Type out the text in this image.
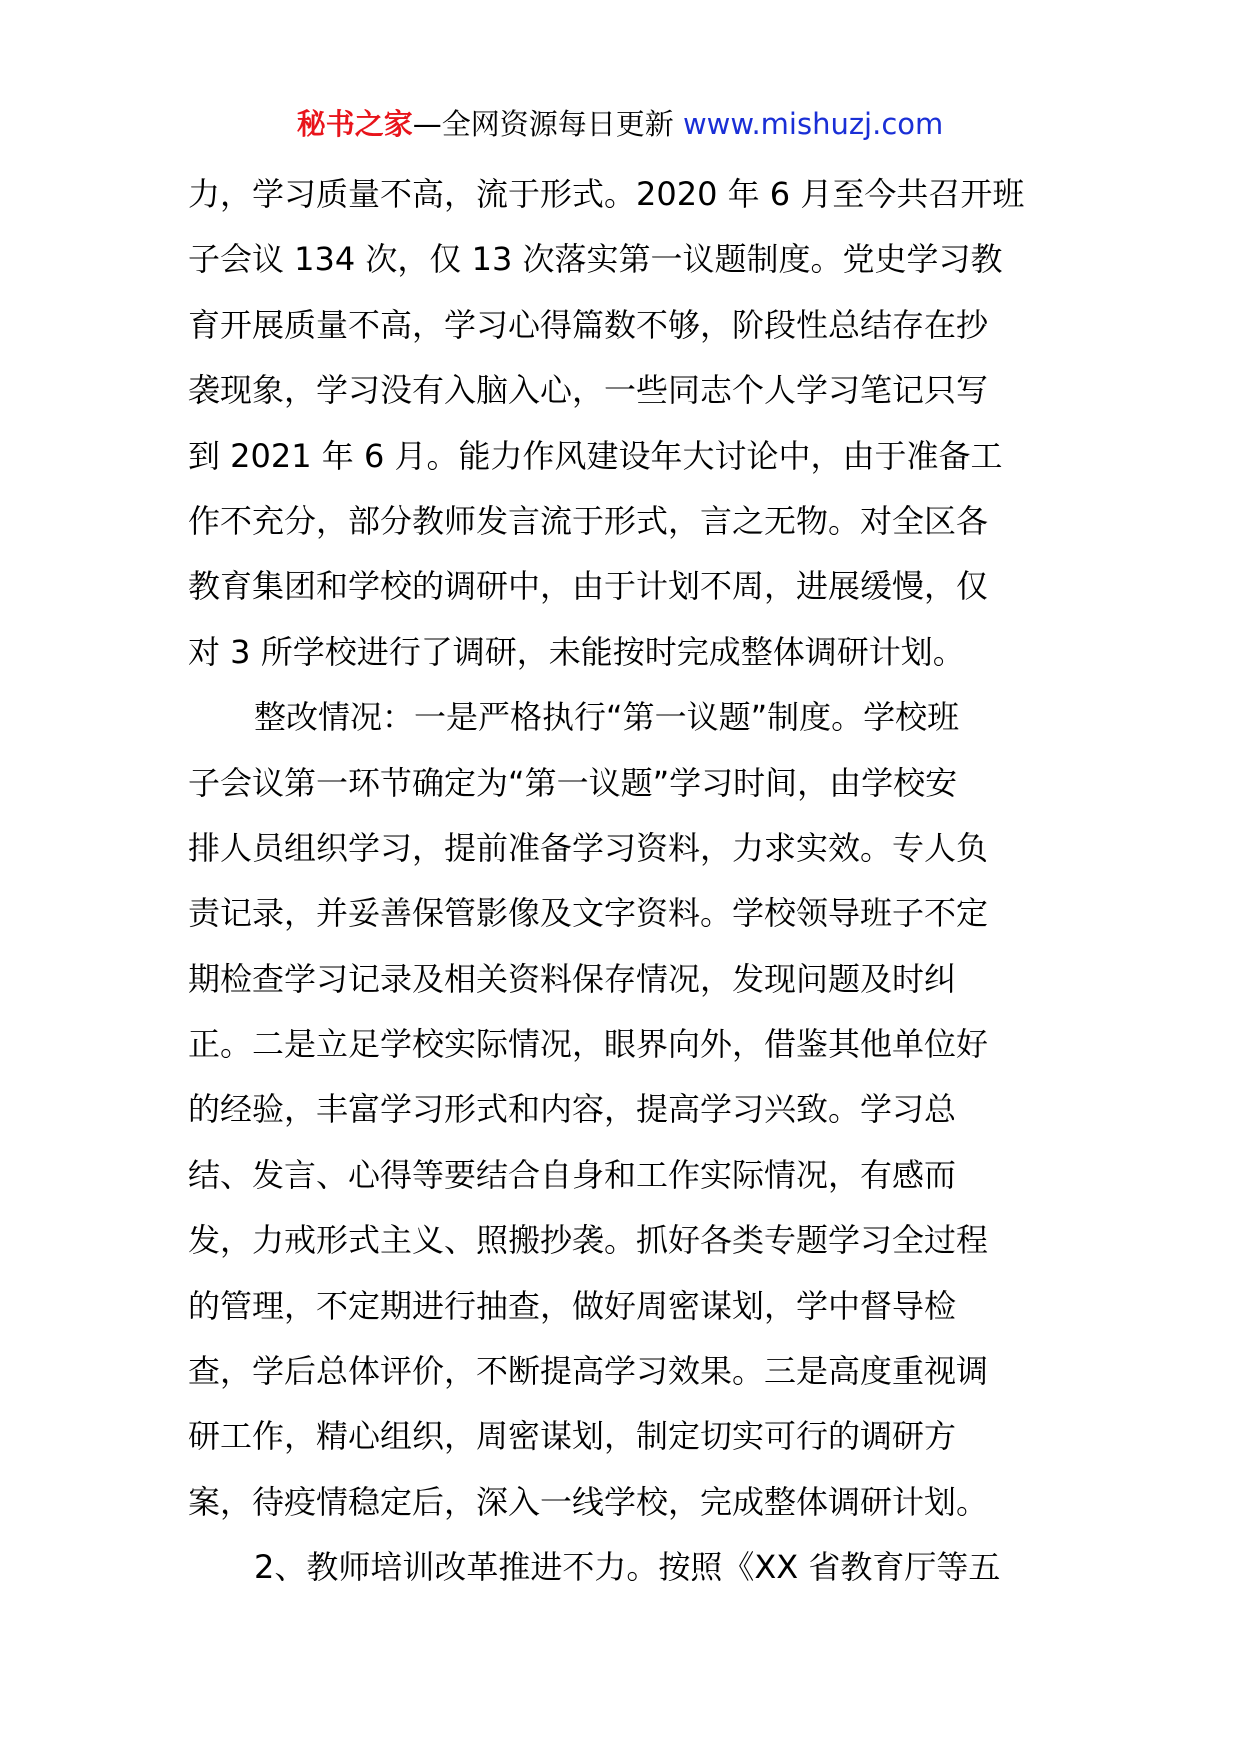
秘书之家—全网资源每日更新 www.mishuzj.com
力，学习质量不高，流于形式。2020 年 6 月至今共召开班
子会议 134 次，仅 13 次落实第一议题制度。党史学习教
育开展质量不高，学习心得篇数不够，阶段性总结存在抄
袭现象，学习没有入脑入心，一些同志个人学习笔记只写
到 2021 年 6 月。能力作风建设年大讨论中，由于准备工
作不充分，部分教师发言流于形式，言之无物。对全区各
教育集团和学校的调研中，由于计划不周，进展缓慢，仅
对 3 所学校进行了调研，未能按时完成整体调研计划。
整改情况：一是严格执行“第一议题”制度。学校班
子会议第一环节确定为“第一议题”学习时间，由学校安
排人员组织学习，提前准备学习资料，力求实效。专人负
责记录，并妥善保管影像及文字资料。学校领导班子不定
期检查学习记录及相关资料保存情况，发现问题及时纠
正。二是立足学校实际情况，眼界向外，借鉴其他单位好
的经验，丰富学习形式和内容，提高学习兴致。学习总
结、发言、心得等要结合自身和工作实际情况，有感而
发，力戒形式主义、照搬抄袭。抓好各类专题学习全过程
的管理，不定期进行抽查，做好周密谋划，学中督导检
查，学后总体评价，不断提高学习效果。三是高度重视调
研工作，精心组织，周密谋划，制定切实可行的调研方
案，待疫情稳定后，深入一线学校，完成整体调研计划。
2、教师培训改革推进不力。按照《XX 省教育厅等五
